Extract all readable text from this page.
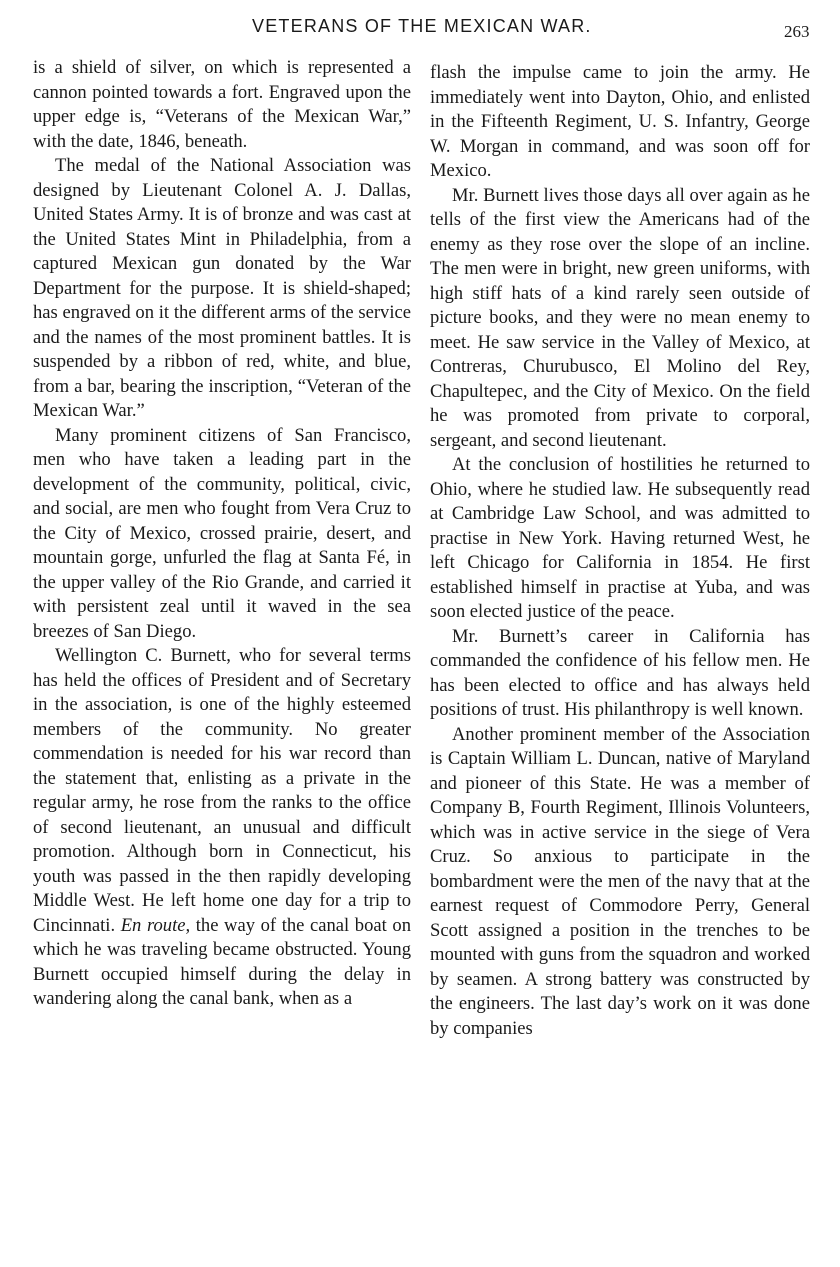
VETERANS OF THE MEXICAN WAR.	263

is a shield of silver, on which is represented a cannon pointed towards a fort. Engraved upon the upper edge is, “Veterans of the Mexican War,” with the date, 1846, beneath.

The medal of the National Association was designed by Lieutenant Colonel A. J. Dallas, United States Army. It is of bronze and was cast at the United States Mint in Philadelphia, from a captured Mexican gun donated by the War Department for the purpose. It is shield-shaped; has engraved on it the different arms of the service and the names of the most prominent battles. It is suspended by a ribbon of red, white, and blue, from a bar, bearing the inscription, “Veteran of the Mexican War.”

Many prominent citizens of San Francisco, men who have taken a leading part in the development of the community, political, civic, and social, are men who fought from Vera Cruz to the City of Mexico, crossed prairie, desert, and mountain gorge, unfurled the flag at Santa Fé, in the upper valley of the Rio Grande, and carried it with persistent zeal until it waved in the sea breezes of San Diego.

Wellington C. Burnett, who for several terms has held the offices of President and of Secretary in the association, is one of the highly esteemed members of the community. No greater commendation is needed for his war record than the statement that, enlisting as a private in the regular army, he rose from the ranks to the office of second lieutenant, an unusual and difficult promotion. Although born in Connecticut, his youth was passed in the then rapidly developing Middle West. He left home one day for a trip to Cincinnati. En route, the way of the canal boat on which he was traveling became obstructed. Young Burnett occupied himself during the delay in wandering along the canal bank, when as a

flash the impulse came to join the army. He immediately went into Dayton, Ohio, and enlisted in the Fifteenth Regiment, U. S. Infantry, George W. Morgan in command, and was soon off for Mexico.

Mr. Burnett lives those days all over again as he tells of the first view the Americans had of the enemy as they rose over the slope of an incline. The men were in bright, new green uniforms, with high stiff hats of a kind rarely seen outside of picture books, and they were no mean enemy to meet. He saw service in the Valley of Mexico, at Contreras, Churubusco, El Molino del Rey, Chapultepec, and the City of Mexico. On the field he was promoted from private to corporal, sergeant, and second lieutenant.

At the conclusion of hostilities he returned to Ohio, where he studied law. He subsequently read at Cambridge Law School, and was admitted to practise in New York. Having returned West, he left Chicago for California in 1854. He first established himself in practise at Yuba, and was soon elected justice of the peace.

Mr. Burnett’s career in California has commanded the confidence of his fellow men. He has been elected to office and has always held positions of trust. His philanthropy is well known.

Another prominent member of the Association is Captain William L. Duncan, native of Maryland and pioneer of this State. He was a member of Company B, Fourth Regiment, Illinois Volunteers, which was in active service in the siege of Vera Cruz. So anxious to participate in the bombardment were the men of the navy that at the earnest request of Commodore Perry, General Scott assigned a position in the trenches to be mounted with guns from the squadron and worked by seamen. A strong battery was constructed by the engineers. The last day’s work on it was done by companies
